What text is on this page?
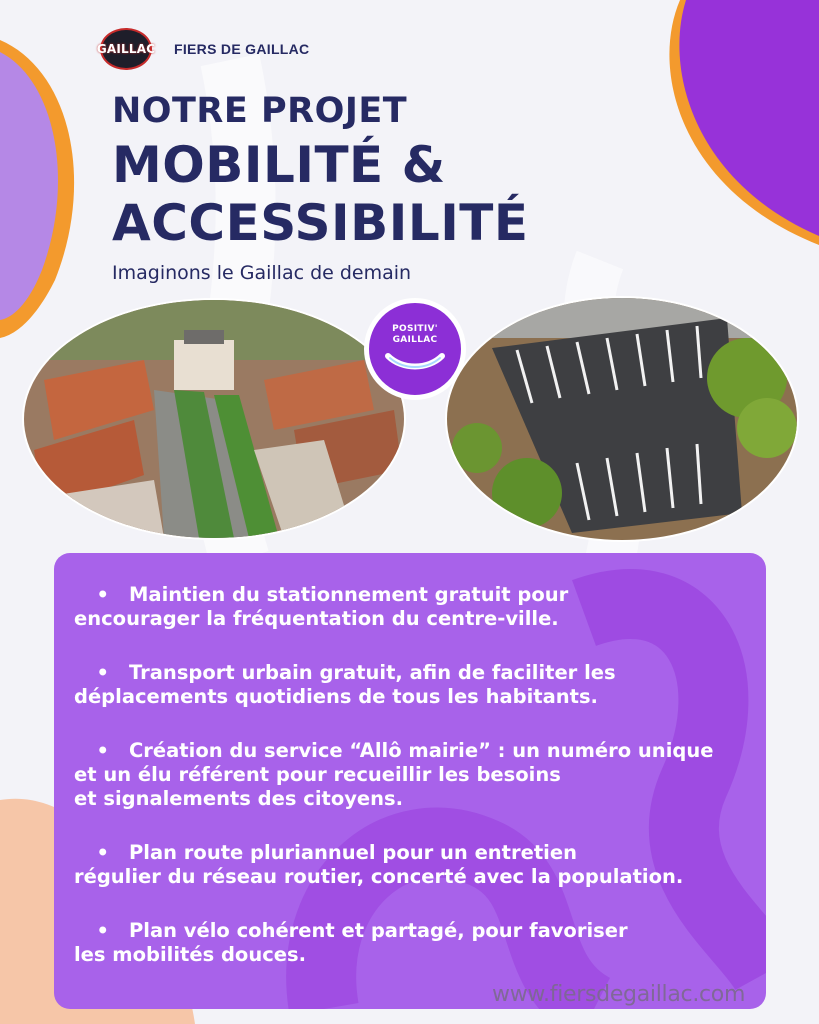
GAILLAC FIERS DE GAILLAC
NOTRE PROJET
MOBILITÉ &
ACCESSIBILITÉ
Imaginons le Gaillac de demain
POSITIV'
GAILLAC
• Maintien du stationnement gratuit pour
encourager la fréquentation du centre-ville.
• Transport urbain gratuit, afin de faciliter les
déplacements quotidiens de tous les habitants.
• Création du service “Allô mairie” : un numéro unique
et un élu référent pour recueillir les besoins
et signalements des citoyens.
• Plan route pluriannuel pour un entretien
régulier du réseau routier, concerté avec la population.
• Plan vélo cohérent et partagé, pour favoriser
les mobilités douces.
www.fiersdegaillac.com
